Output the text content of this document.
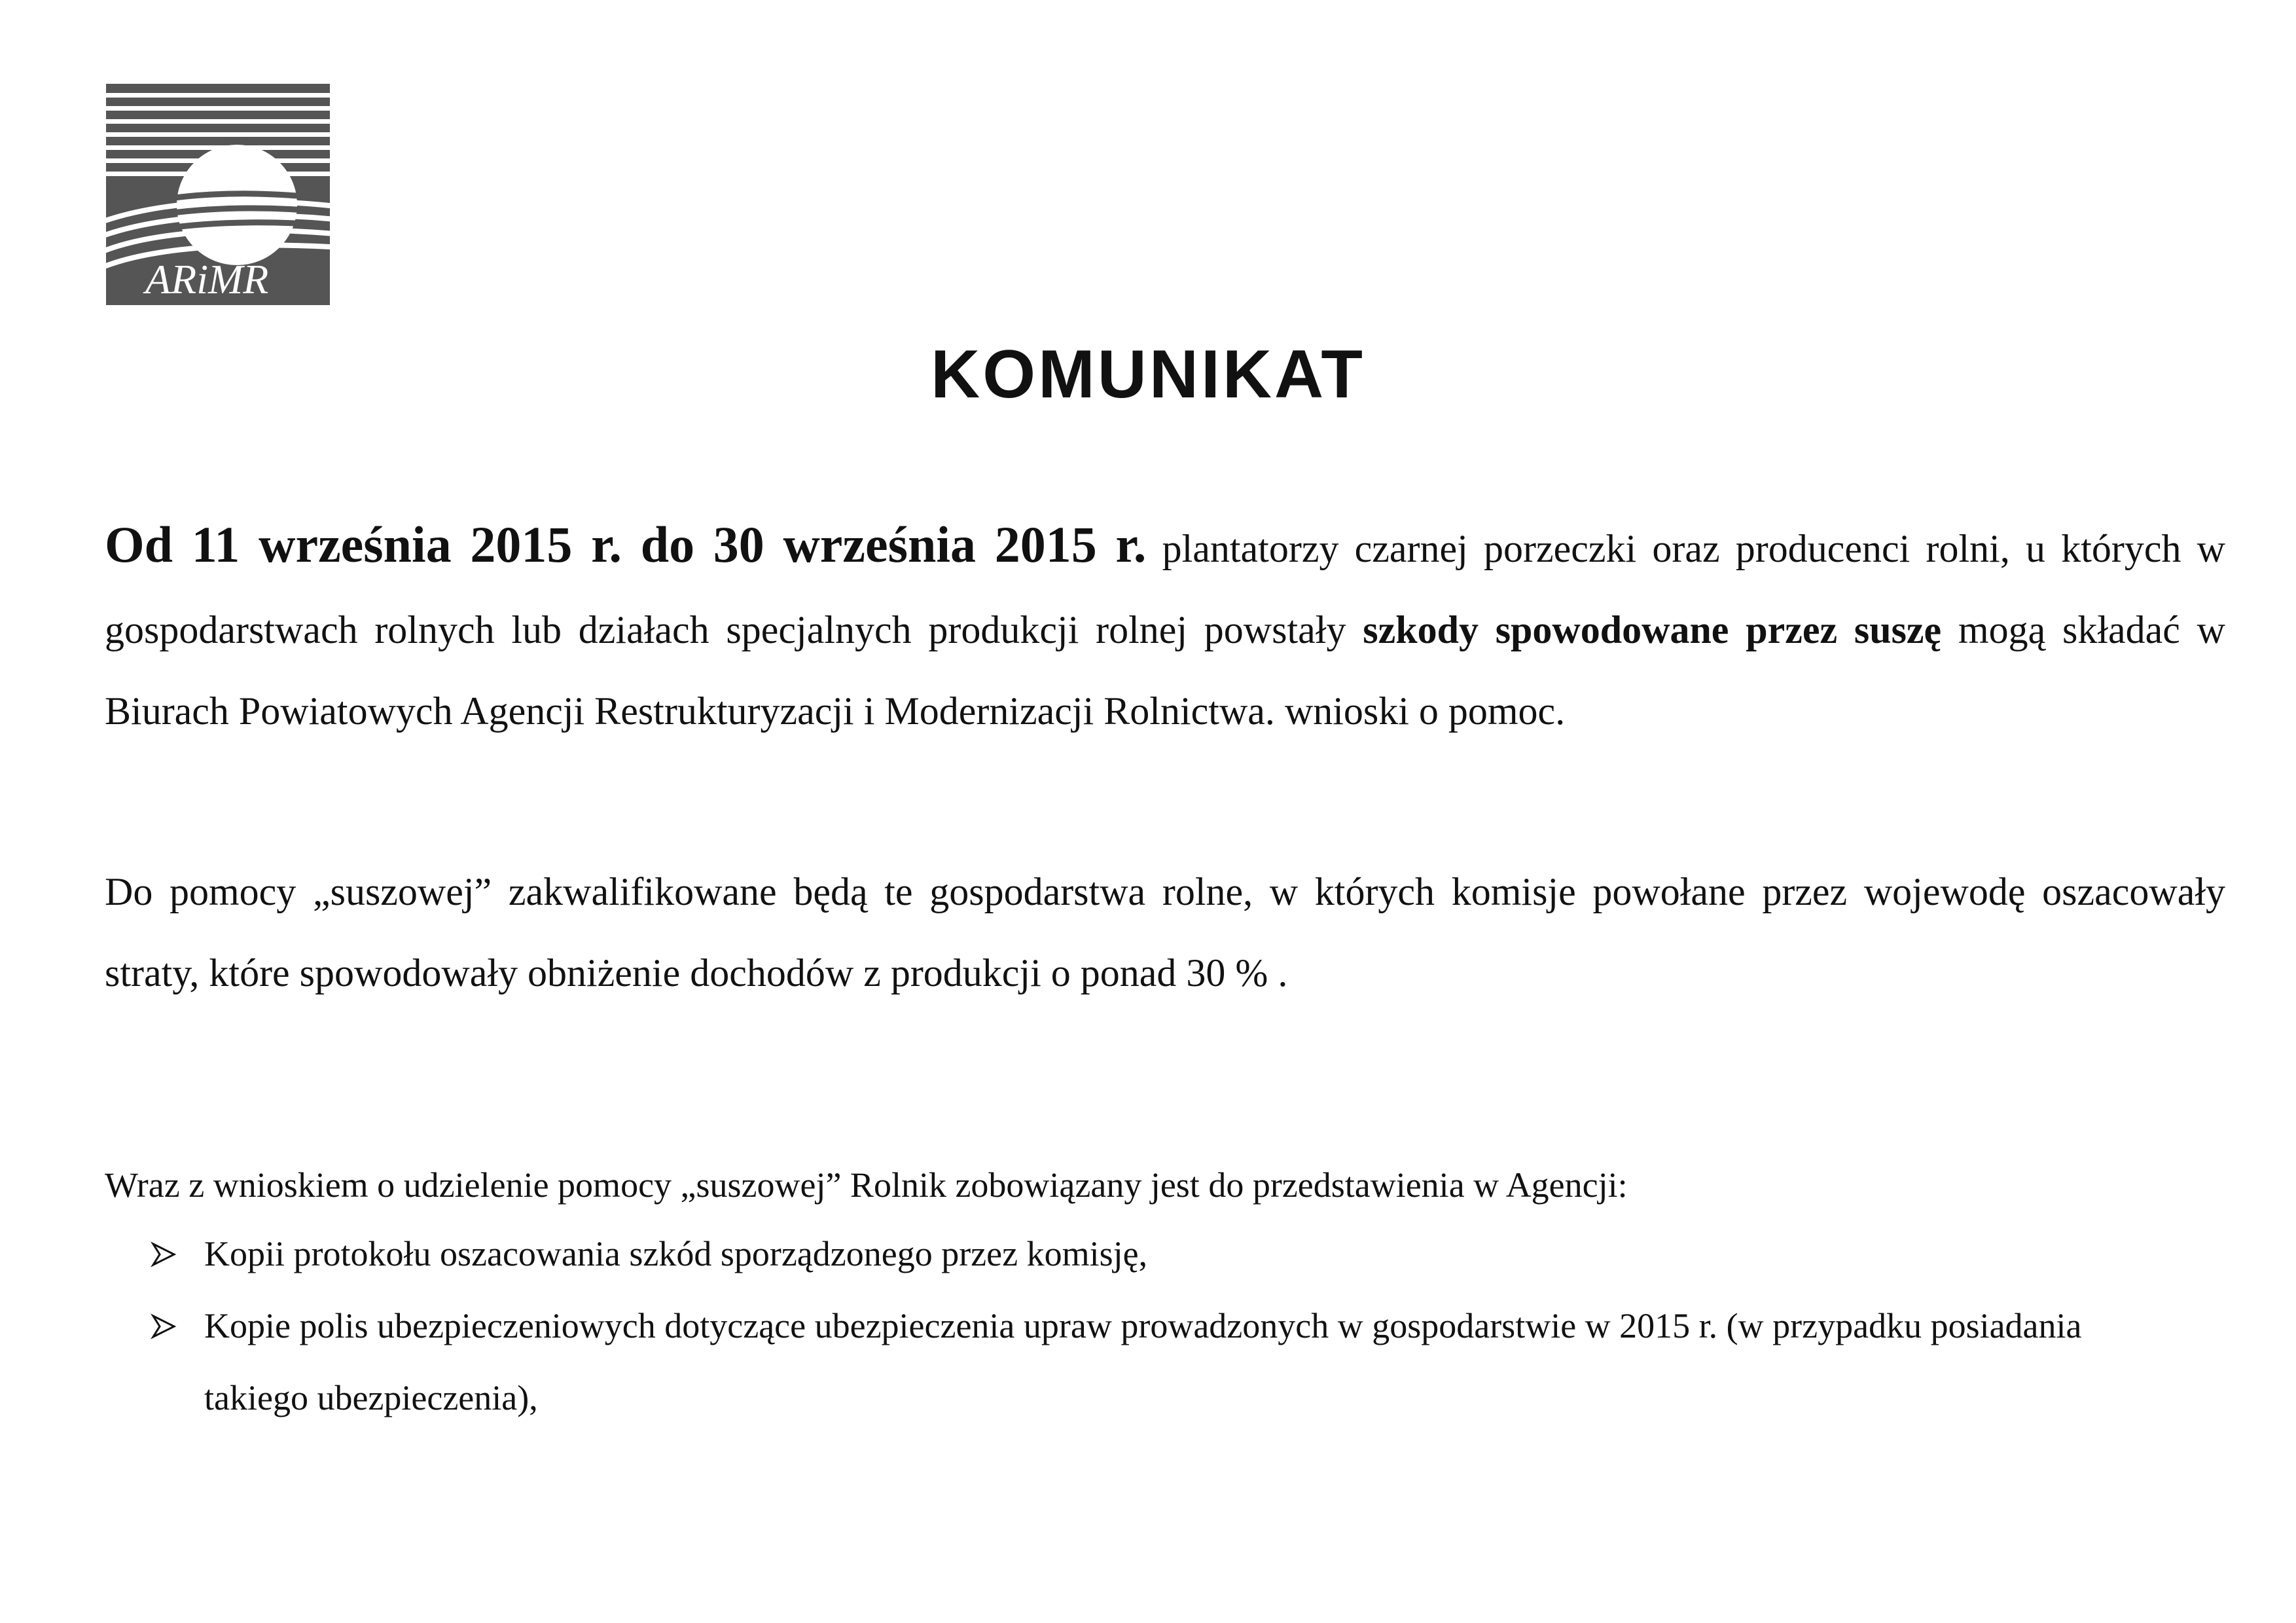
ARiMR
KOMUNIKAT

Od 11 września 2015 r. do 30 września 2015 r. plantatorzy czarnej porzeczki oraz producenci rolni, u których w gospodarstwach rolnych lub działach specjalnych produkcji rolnej powstały szkody spowodowane przez suszę mogą składać w Biurach Powiatowych Agencji Restrukturyzacji i Modernizacji Rolnictwa. wnioski o pomoc.

Do pomocy „suszowej” zakwalifikowane będą te gospodarstwa rolne, w których komisje powołane przez wojewodę oszacowały straty, które spowodowały obniżenie dochodów z produkcji o ponad 30 % .

Wraz z wnioskiem o udzielenie pomocy „suszowej” Rolnik zobowiązany jest do przedstawienia w Agencji:

Kopii protokołu oszacowania szkód sporządzonego przez komisję,
Kopie polis ubezpieczeniowych dotyczące ubezpieczenia upraw prowadzonych w gospodarstwie w 2015 r. (w przypadku posiadania takiego ubezpieczenia),
